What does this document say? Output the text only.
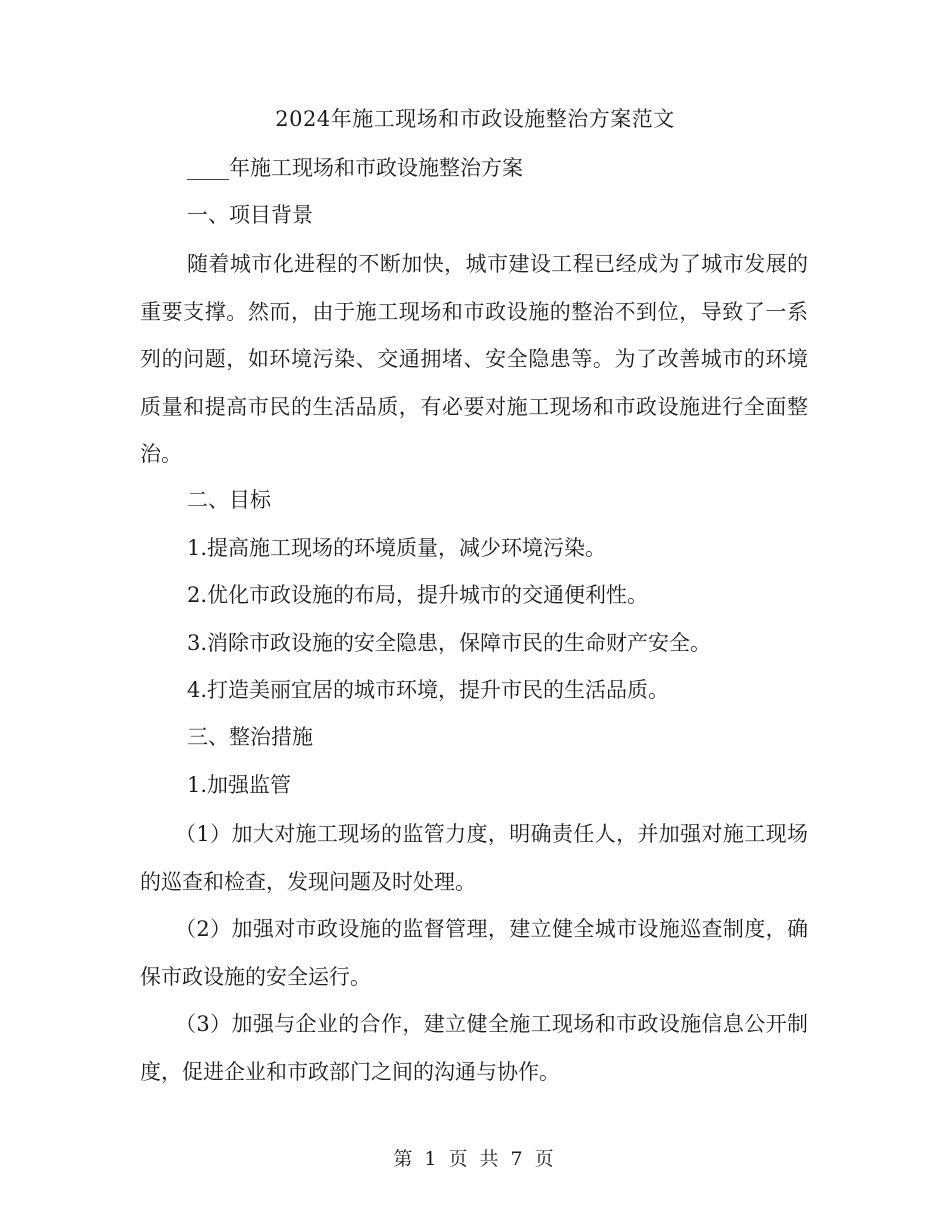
2024年施工现场和市政设施整治方案范文
____年施工现场和市政设施整治方案
一、项目背景
随着城市化进程的不断加快，城市建设工程已经成为了城市发展的重要支撑。然而，由于施工现场和市政设施的整治不到位，导致了一系列的问题，如环境污染、交通拥堵、安全隐患等。为了改善城市的环境质量和提高市民的生活品质，有必要对施工现场和市政设施进行全面整治。
二、目标
1.提高施工现场的环境质量，减少环境污染。
2.优化市政设施的布局，提升城市的交通便利性。
3.消除市政设施的安全隐患，保障市民的生命财产安全。
4.打造美丽宜居的城市环境，提升市民的生活品质。
三、整治措施
1.加强监管
（1）加大对施工现场的监管力度，明确责任人，并加强对施工现场的巡查和检查，发现问题及时处理。
（2）加强对市政设施的监督管理，建立健全城市设施巡查制度，确保市政设施的安全运行。
（3）加强与企业的合作，建立健全施工现场和市政设施信息公开制度，促进企业和市政部门之间的沟通与协作。
第 1 页 共 7 页
